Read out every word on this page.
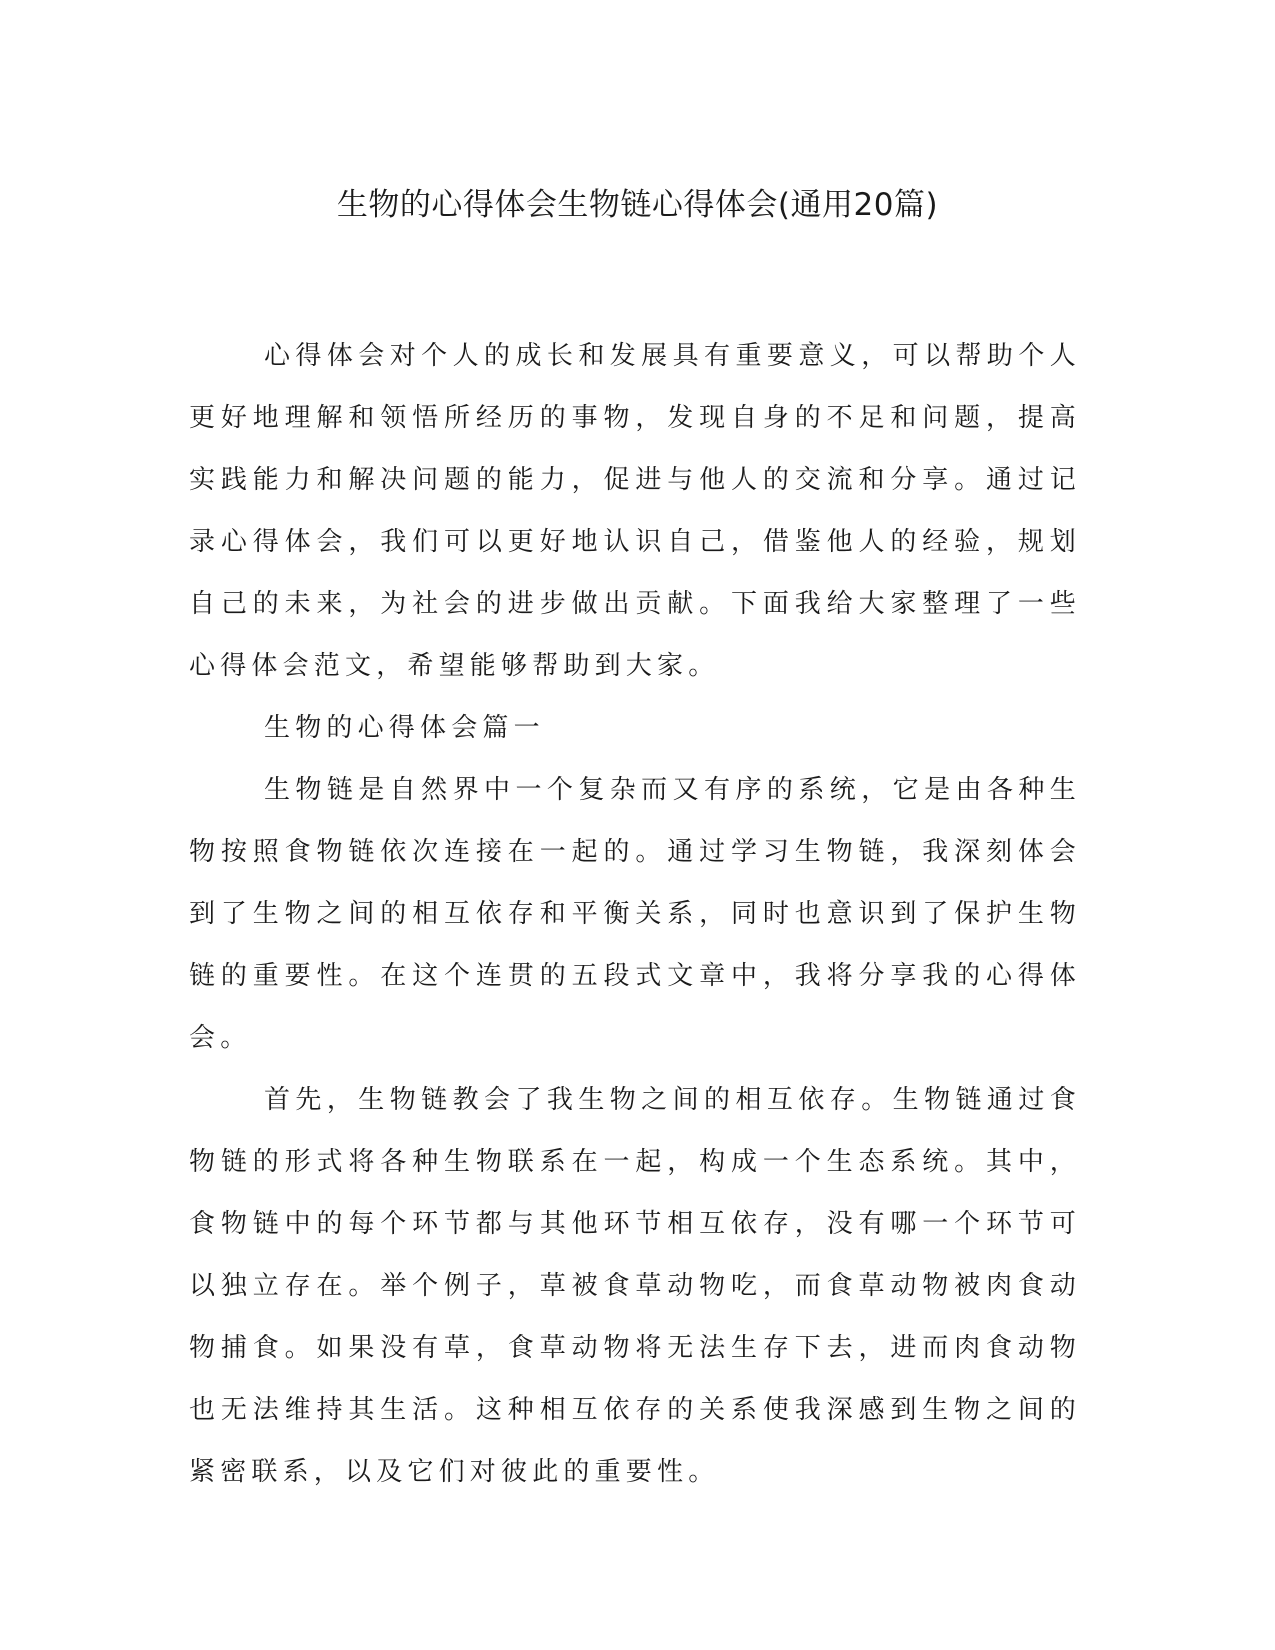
生物的心得体会生物链心得体会(通用20篇)

心得体会对个人的成长和发展具有重要意义，可以帮助个人更好地理解和领悟所经历的事物，发现自身的不足和问题，提高实践能力和解决问题的能力，促进与他人的交流和分享。通过记录心得体会，我们可以更好地认识自己，借鉴他人的经验，规划自己的未来，为社会的进步做出贡献。下面我给大家整理了一些心得体会范文，希望能够帮助到大家。

生物的心得体会篇一

生物链是自然界中一个复杂而又有序的系统，它是由各种生物按照食物链依次连接在一起的。通过学习生物链，我深刻体会到了生物之间的相互依存和平衡关系，同时也意识到了保护生物链的重要性。在这个连贯的五段式文章中，我将分享我的心得体会。

首先，生物链教会了我生物之间的相互依存。生物链通过食物链的形式将各种生物联系在一起，构成一个生态系统。其中，食物链中的每个环节都与其他环节相互依存，没有哪一个环节可以独立存在。举个例子，草被食草动物吃，而食草动物被肉食动物捕食。如果没有草，食草动物将无法生存下去，进而肉食动物也无法维持其生活。这种相互依存的关系使我深感到生物之间的紧密联系，以及它们对彼此的重要性。
